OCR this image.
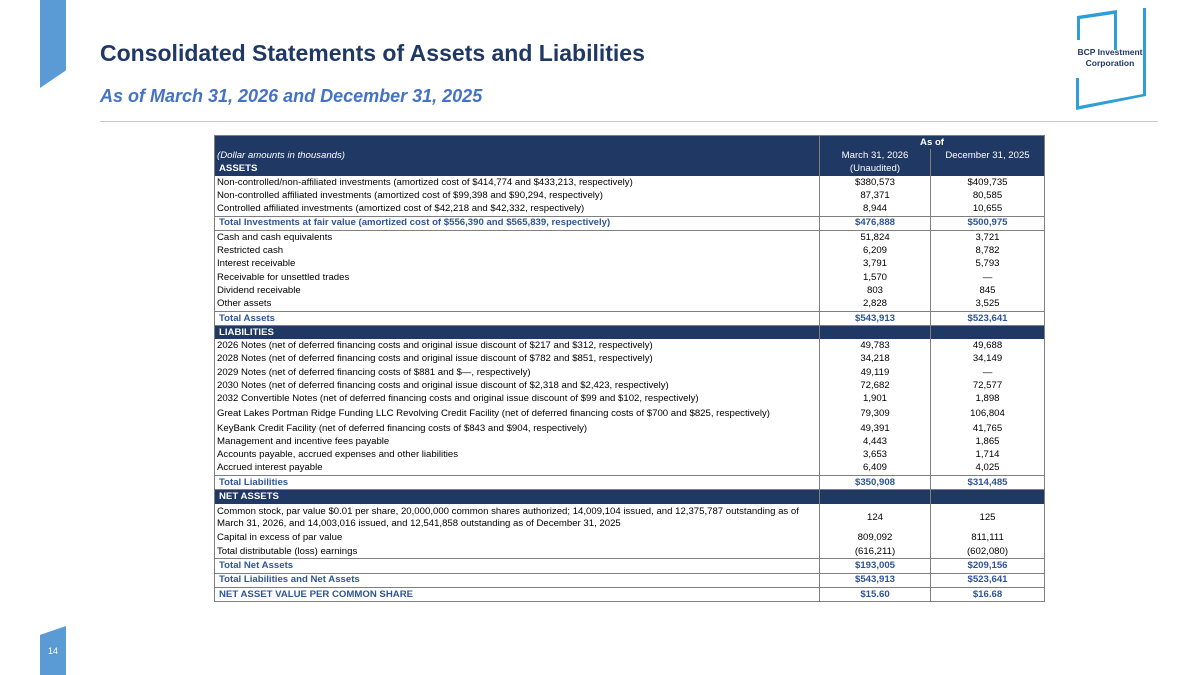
14
Consolidated Statements of Assets and Liabilities
As of March 31, 2026 and December 31, 2025
BCP Investment
Corporation
	As of	
(Dollar amounts in thousands)	March 31, 2026	December 31, 2025
ASSETS	(Unaudited)	
Non-controlled/non-affiliated investments (amortized cost of $414,774 and $433,213, respectively)	$380,573	$409,735
Non-controlled affiliated investments (amortized cost of $99,398 and $90,294, respectively)	87,371	80,585
Controlled affiliated investments (amortized cost of $42,218 and $42,332, respectively)	8,944	10,655
Total Investments at fair value (amortized cost of $556,390 and $565,839, respectively)	$476,888	$500,975
Cash and cash equivalents	51,824	3,721
Restricted cash	6,209	8,782
Interest receivable	3,791	5,793
Receivable for unsettled trades	1,570	—
Dividend receivable	803	845
Other assets	2,828	3,525
Total Assets	$543,913	$523,641
LIABILITIES		
2026 Notes (net of deferred financing costs and original issue discount of $217 and $312, respectively)	49,783	49,688
2028 Notes (net of deferred financing costs and original issue discount of $782 and $851, respectively)	34,218	34,149
2029 Notes (net of deferred financing costs of $881 and $—, respectively)	49,119	—
2030 Notes (net of deferred financing costs and original issue discount of $2,318 and $2,423, respectively)	72,682	72,577
2032 Convertible Notes (net of deferred financing costs and original issue discount of $99 and $102, respectively)	1,901	1,898
Great Lakes Portman Ridge Funding LLC Revolving Credit Facility (net of deferred financing costs of $700 and $825, respectively)	79,309	106,804
KeyBank Credit Facility (net of deferred financing costs of $843 and $904, respectively)	49,391	41,765
Management and incentive fees payable	4,443	1,865
Accounts payable, accrued expenses and other liabilities	3,653	1,714
Accrued interest payable	6,409	4,025
Total Liabilities	$350,908	$314,485
NET ASSETS		
Common stock, par value $0.01 per share, 20,000,000 common shares authorized; 14,009,104 issued, and 12,375,787 outstanding as of March 31, 2026, and 14,003,016 issued, and 12,541,858 outstanding as of December 31, 2025	124	125
Capital in excess of par value	809,092	811,111
Total distributable (loss) earnings	(616,211)	(602,080)
Total Net Assets	$193,005	$209,156
Total Liabilities and Net Assets	$543,913	$523,641
NET ASSET VALUE PER COMMON SHARE	$15.60	$16.68
